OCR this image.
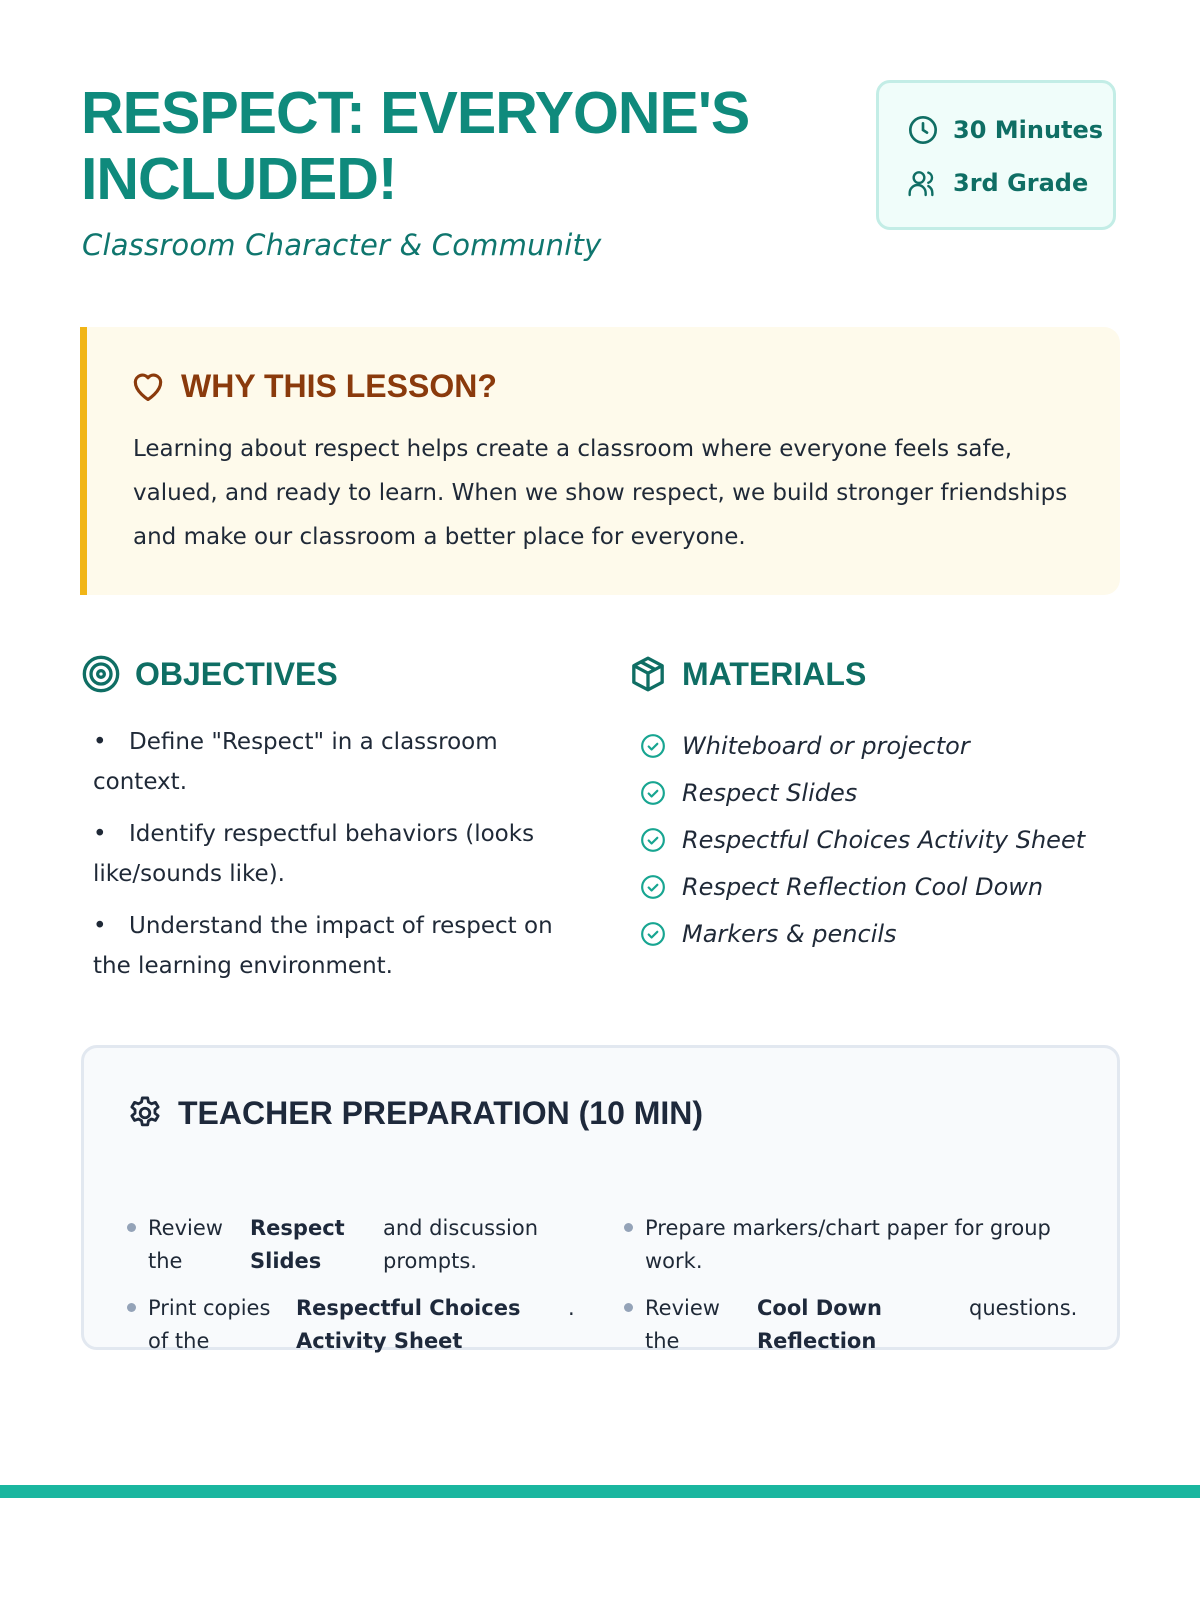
RESPECT: EVERYONE'S INCLUDED!

Classroom Character & Community

30 Minutes
3rd Grade
WHY THIS LESSON?

Learning about respect helps create a classroom where everyone feels safe, valued, and ready to learn. When we show respect, we build stronger friendships and make our classroom a better place for everyone.

OBJECTIVES
• Define "Respect" in a classroom context.
• Identify respectful behaviors (looks like/sounds like).
• Understand the impact of respect on the learning environment.
MATERIALS
Whiteboard or projector
Respect Slides
Respectful Choices Activity Sheet
Respect Reflection Cool Down
Markers & pencils
TEACHER PREPARATION (10 MIN)
Review the
Respect Slides
and discussion prompts.
Prepare markers/chart paper for group work.
Print copies of the
Respectful Choices Activity Sheet
.	Review the
Cool Down Reflection
questions.
